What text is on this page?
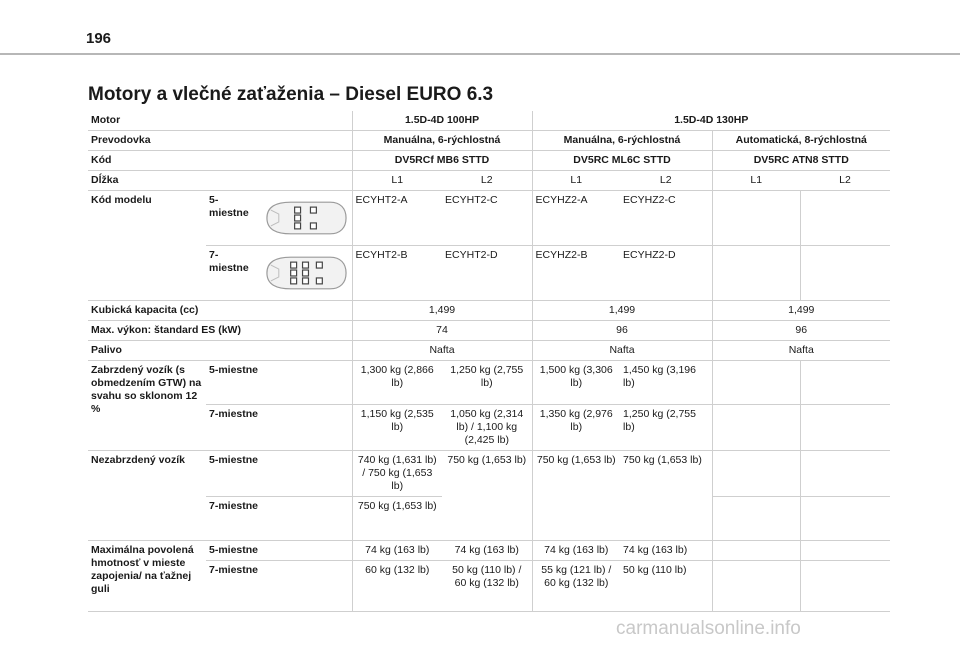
196
Motory a vlečné zaťaženia – Diesel EURO 6.3
Motor		1.5D-4D 100HP		1.5D-4D 130HP			
Prevodovka		Manuálna, 6-rýchlostná		Manuálna, 6-rýchlostná		Automatická, 8-rýchlostná	
Kód		DV5RCf MB6 STTD		DV5RC ML6C STTD		DV5RC ATN8 STTD	
Dĺžka		L1	L2	L1	L2	L1	L2
Kód modelu	5-miestne	ECYHT2-A	ECYHT2-C	ECYHZ2-A	ECYHZ2-C		

	7-miestne	ECYHT2-B	ECYHT2-D	ECYHZ2-B	ECYHZ2-D		
Kubická kapacita (cc)		1,499		1,499		1,499	
Max. výkon: štandard ES (kW)		74		96		96	
Palivo		Nafta		Nafta		Nafta	
Zabrzdený vozík (s obmedzením GTW) na svahu so sklonom 12 %	5-miestne	1,300 kg (2,866 lb)	1,250 kg (2,755 lb)	1,500 kg (3,306 lb)	1,450 kg (3,196 lb)		
	7-miestne	1,150 kg (2,535 lb)	1,050 kg (2,314 lb) / 1,100 kg (2,425 lb)	1,350 kg (2,976 lb)	1,250 kg (2,755 lb)		
Nezabrzdený vozík	5-miestne	740 kg (1,631 lb) / 750 kg (1,653 lb)	750 kg (1,653 lb)	750 kg (1,653 lb)	750 kg (1,653 lb)		
	7-miestne	750 kg (1,653 lb)					
Maximálna povolená hmotnosť v mieste zapojenia/ na ťažnej guli	5-miestne	74 kg (163 lb)	74 kg (163 lb)	74 kg (163 lb)	74 kg (163 lb)		
	7-miestne	60 kg (132 lb)	50 kg (110 lb) / 60 kg (132 lb)	55 kg (121 lb) / 60 kg (132 lb)	50 kg (110 lb)		
carmanualsonline.info
